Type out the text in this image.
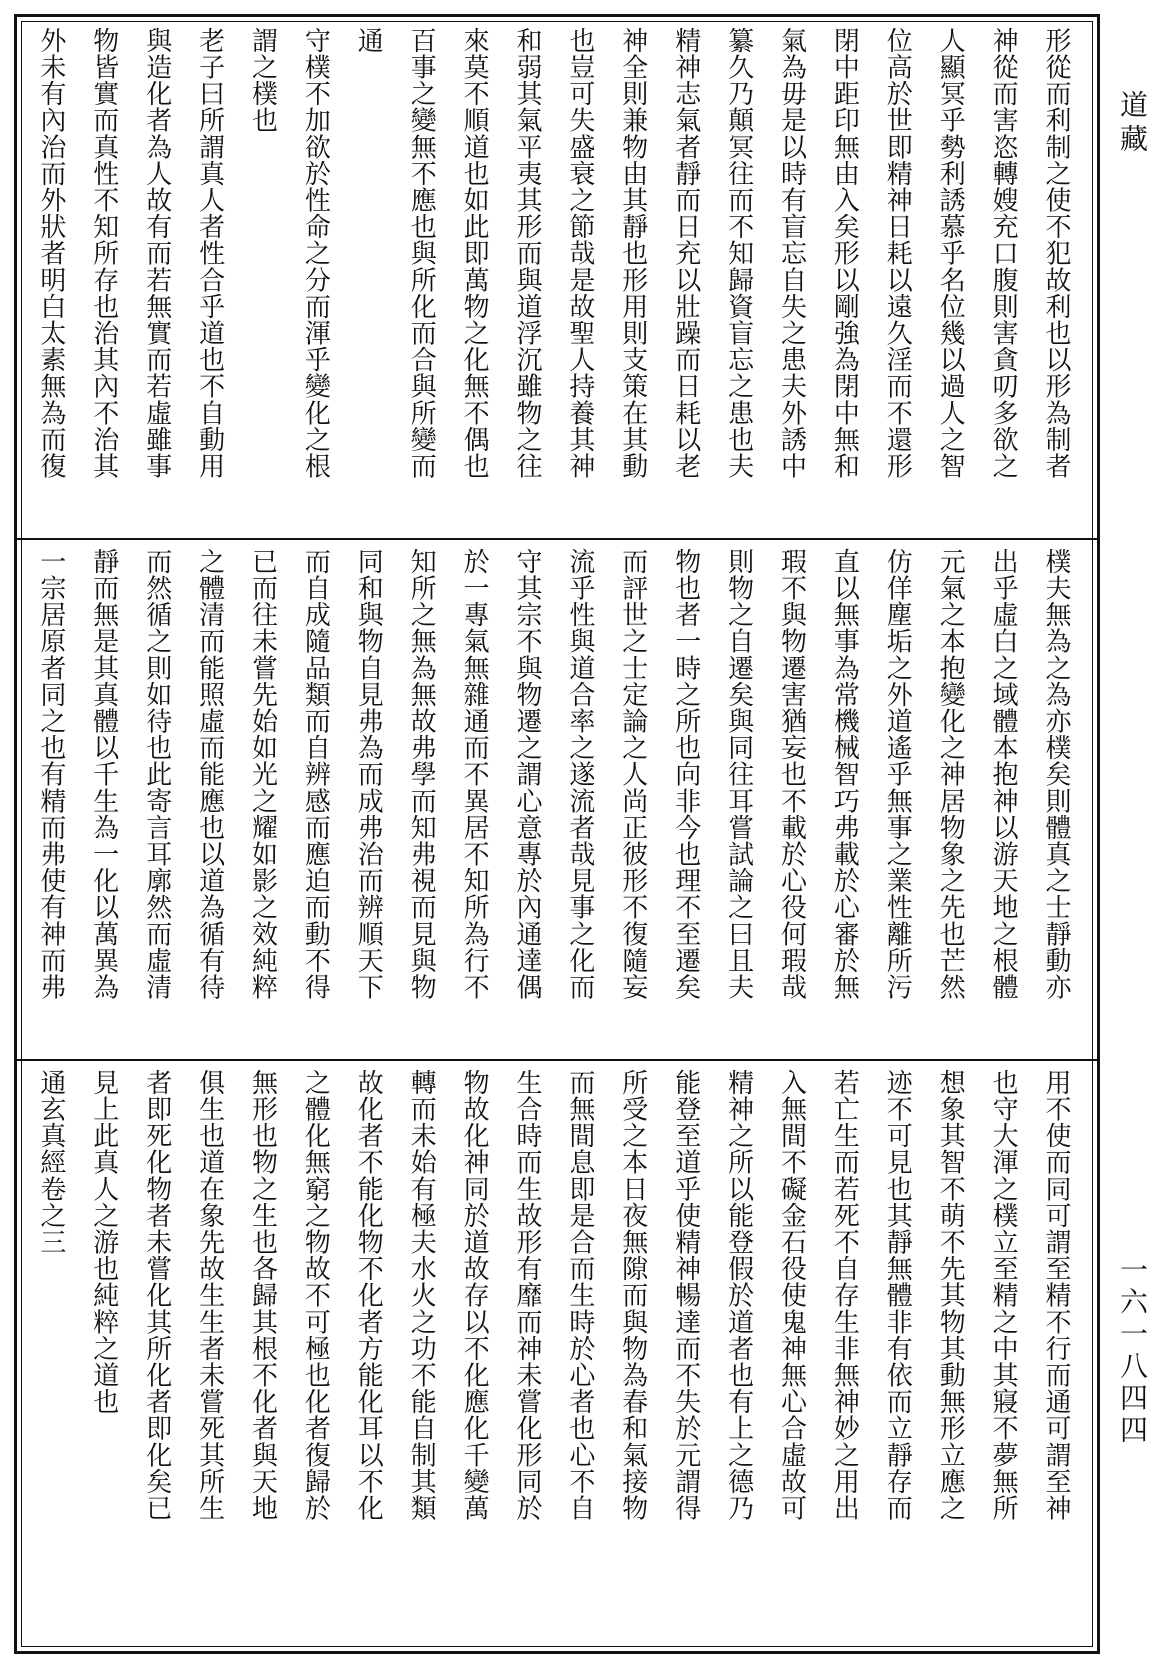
道藏
一六一八四四
形從而利制之使不犯故利也以形為制者
神從而害恣轉嫂充口腹則害貪叨多欲之
人顯冥乎勢利誘慕乎名位幾以過人之智
位高於世即精神日耗以遠久淫而不還形
閉中距印無由入矣形以剛強為閉中無和
氣為毋是以時有盲忘自失之患夫外誘中
纂久乃顛冥往而不知歸資盲忘之患也夫
精神志氣者靜而日充以壯躁而日耗以老
神全則兼物由其靜也形用則支策在其動
也豈可失盛衰之節哉是故聖人持養其神
和弱其氣平夷其形而與道浮沉雖物之往
來莫不順道也如此即萬物之化無不偶也
百事之變無不應也與所化而合與所變而
通
守樸不加欲於性命之分而渾乎變化之根
謂之樸也
老子曰所謂真人者性合乎道也不自動用
與造化者為人故有而若無實而若虛雖事
物皆實而真性不知所存也治其內不治其
外未有內治而外狀者明白太素無為而復
樸夫無為之為亦樸矣則體真之士靜動亦
出乎虛白之域體本抱神以游天地之根體
元氣之本抱變化之神居物象之先也芒然
仿佯塵垢之外道遙乎無事之業性離所污
直以無事為常機械智巧弗載於心審於無
瑕不與物遷害猶妄也不載於心役何瑕哉
則物之自遷矣與同往耳嘗試論之曰且夫
物也者一時之所也向非今也理不至遷矣
而評世之士定論之人尚正彼形不復隨妄
流乎性與道合率之遂流者哉見事之化而
守其宗不與物遷之謂心意專於內通達偶
於一專氣無雜通而不異居不知所為行不
知所之無為無故弗學而知弗視而見與物
同和與物自見弗為而成弗治而辨順天下
而自成隨品類而自辨感而應迫而動不得
已而往未嘗先始如光之耀如影之效純粹
之體清而能照虛而能應也以道為循有待
而然循之則如待也此寄言耳廓然而虛清
靜而無是其真體以千生為一化以萬異為
一宗居原者同之也有精而弗使有神而弗
用不使而同可謂至精不行而通可謂至神
也守大渾之樸立至精之中其寢不夢無所
想象其智不萌不先其物其動無形立應之
迹不可見也其靜無體非有依而立靜存而
若亡生而若死不自存生非無神妙之用出
入無間不礙金石役使鬼神無心合虛故可
精神之所以能登假於道者也有上之德乃
能登至道乎使精神暢達而不失於元謂得
所受之本日夜無隙而與物為春和氣接物
而無間息即是合而生時於心者也心不自
生合時而生故形有靡而神未嘗化形同於
物故化神同於道故存以不化應化千變萬
轉而未始有極夫水火之功不能自制其類
故化者不能化物不化者方能化耳以不化
之體化無窮之物故不可極也化者復歸於
無形也物之生也各歸其根不化者與天地
俱生也道在象先故生生者未嘗死其所生
者即死化物者未嘗化其所化者即化矣已
見上此真人之游也純粹之道也
通玄真經卷之三
